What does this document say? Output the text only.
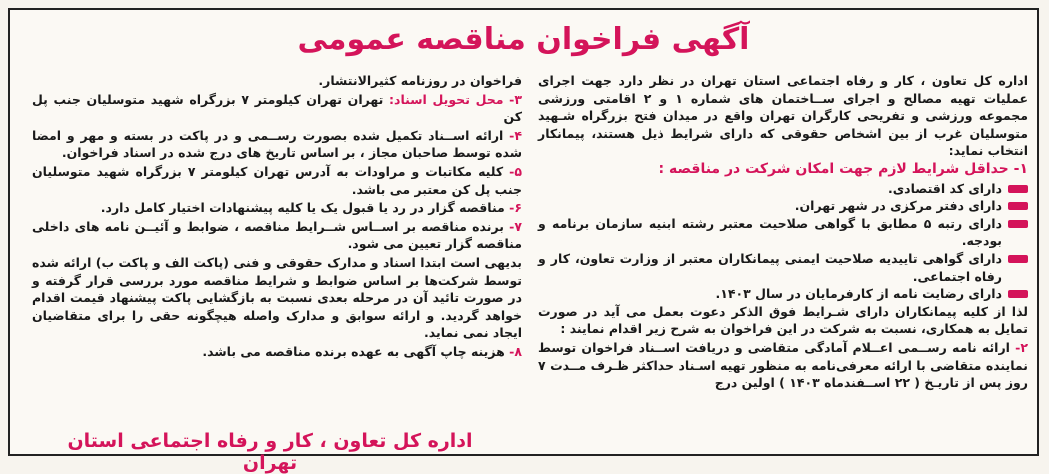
آگهی فراخوان مناقصه عمومی

اداره کل تعاون ، کار و رفاه اجتماعی استان تهران در نظر دارد جهت اجرای عملیات تهیه مصالح و اجرای ســاختمان های شماره ۱ و ۲ اقامتی ورزشی مجموعه ورزشی و تفریحی کارگران تهران واقع در میدان فتح بزرگراه شـهید متوسلیان غرب از بین اشخاص حقوقی که دارای شرایط ذیل هستند، پیمانکار انتخاب نماید:

۱- حداقل شرایط لازم جهت امکان شرکت در مناقصه :

دارای کد اقتصادی.
دارای دفتر مرکزی در شهر تهران.
دارای رتبه ۵ مطابق با گواهی صلاحیت معتبر رشته ابنیه سازمان برنامه و بودجه.
دارای گواهی تاییدیه صلاحیت ایمنی پیمانکاران معتبر از وزارت تعاون، کار و رفاه اجتماعی.
دارای رضایت نامه از کارفرمایان در سال ۱۴۰۳.

لذا از کلیه پیمانکاران دارای شـرایط فوق الذکر دعوت بعمل می آید در صورت تمایل به همکاری، نسبت به شرکت در این فراخوان به شرح زیر اقدام نمایند :

۲- ارائه نامه رســمی اعــلام آمادگی متقاضی و دریافت اســناد فراخوان توسط نماینده متقاضی با ارائه معرفی‌نامه به منظور تهیه اسـناد حداکثر ظـرف مــدت ۷ روز پس از تاریـخ ( ۲۲ اســفندماه ۱۴۰۳ ) اولین درج

فراخوان در روزنامه کثیرالانتشار.

۳- محل تحویل اسناد: تهران تهران کیلومتر ۷ بزرگراه شهید متوسلیان جنب پل کن

۴- ارائه اســناد تکمیل شده بصورت رســمی و در پاکت در بسته و مهر و امضا شده توسط صاحبان مجاز ، بر اساس تاریخ های درج شده در اسناد فراخوان.

۵- کلیه مکاتبات و مراودات به آدرس تهران کیلومتر ۷ بزرگراه شهید متوسلیان جنب پل کن معتبر می باشد.

۶- مناقصه گزار در رد یا قبول یک یا کلیه پیشنهادات اختیار کامل دارد.

۷- برنده مناقصه بر اســاس شــرایط مناقصه ، ضوابط و آئیــن نامه های داخلی مناقصه گزار تعیین می شود.

بدیهی است ابتدا اسناد و مدارک حقوقی و فنی (پاکت الف و پاکت ب) ارائه شده توسط شرکت‌ها بر اساس ضوابط و شرایط مناقصه مورد بررسی قرار گرفته و در صورت تائید آن در مرحله بعدی نسبت به بازگشایی پاکت پیشنهاد قیمت اقدام خواهد گردید. و ارائه سوابق و مدارک واصله هیچگونه حقی را برای متقاضیان ایجاد نمی نماید.

۸- هزینه چاپ آگهی به عهده برنده مناقصه می باشد.

اداره کل تعاون ، کار و رفاه اجتماعی استان تهران
